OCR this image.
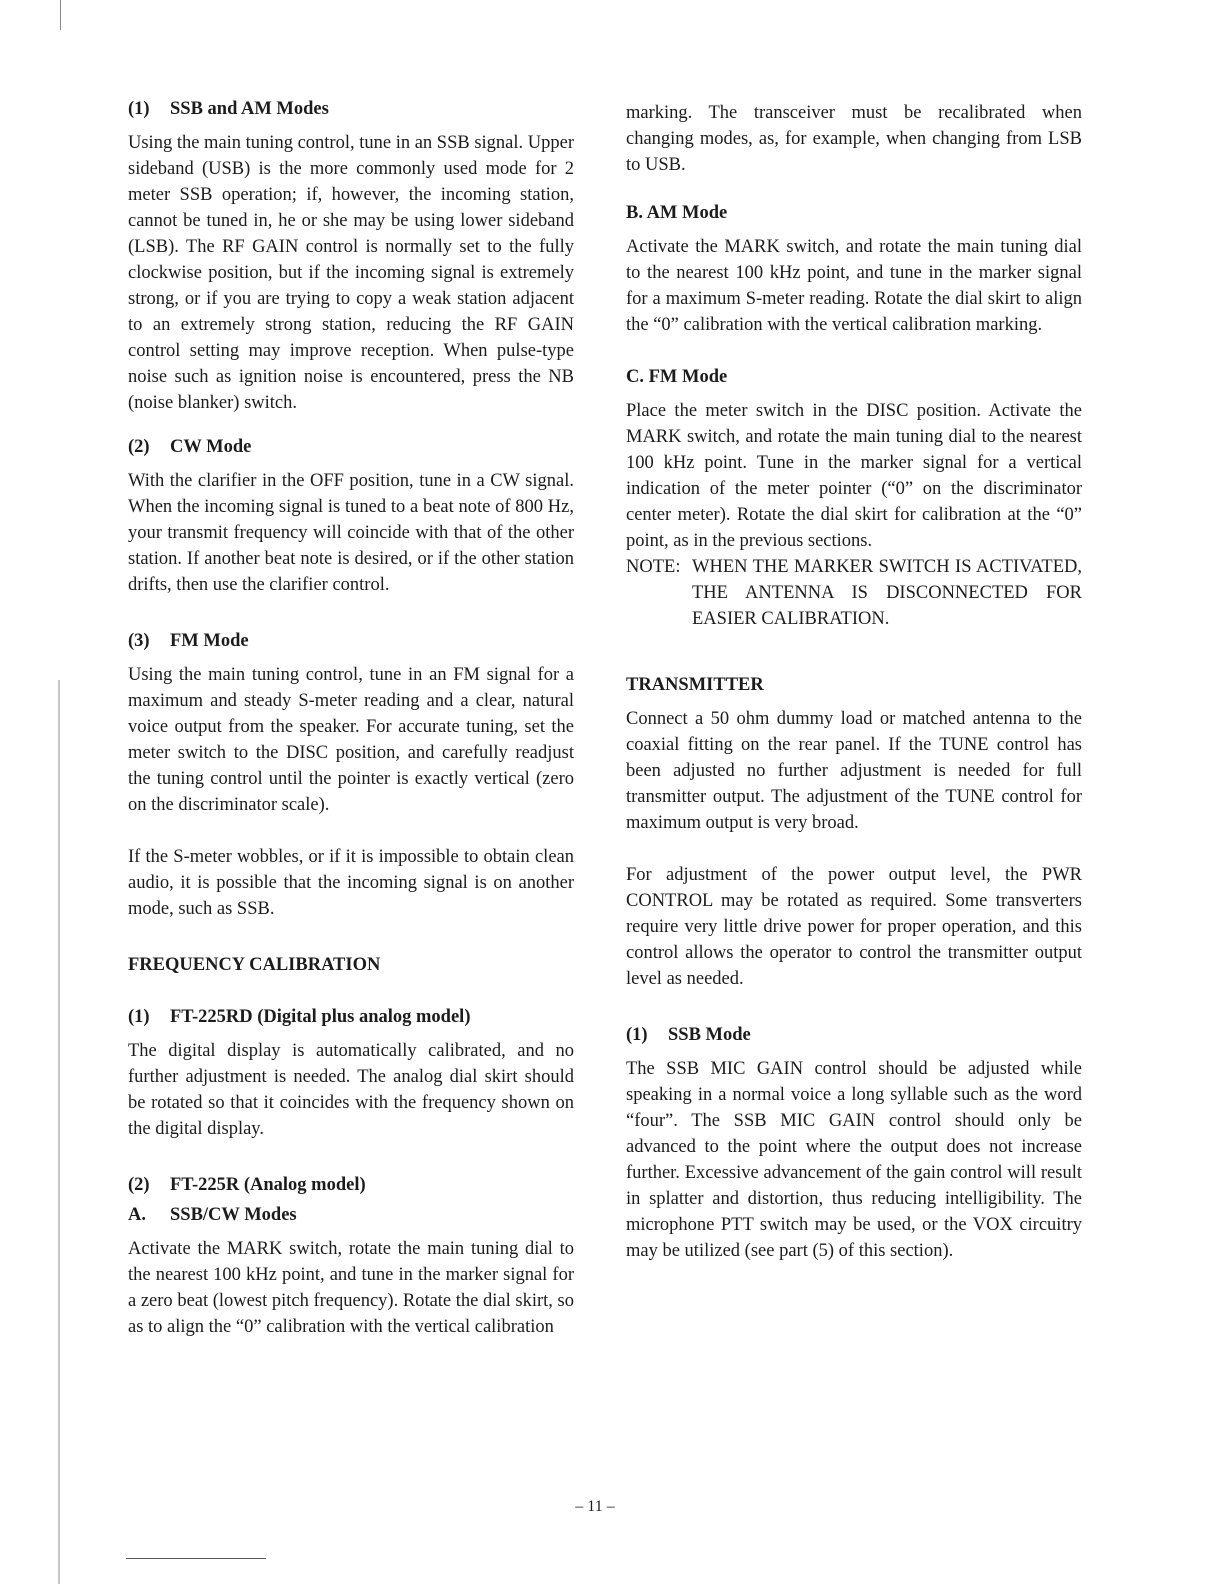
(1) SSB and AM Modes

Using the main tuning control, tune in an SSB signal. Upper sideband (USB) is the more commonly used mode for 2 meter SSB operation; if, however, the incoming station, cannot be tuned in, he or she may be using lower sideband (LSB). The RF GAIN control is normally set to the fully clockwise position, but if the incoming signal is extremely strong, or if you are trying to copy a weak station adjacent to an extremely strong station, reducing the RF GAIN control setting may improve reception. When pulse-type noise such as ignition noise is encountered, press the NB (noise blanker) switch.

(2) CW Mode

With the clarifier in the OFF position, tune in a CW signal. When the incoming signal is tuned to a beat note of 800 Hz, your transmit frequency will coincide with that of the other station. If another beat note is desired, or if the other station drifts, then use the clarifier control.

(3) FM Mode

Using the main tuning control, tune in an FM signal for a maximum and steady S-meter reading and a clear, natural voice output from the speaker. For accurate tuning, set the meter switch to the DISC position, and carefully readjust the tuning control until the pointer is exactly vertical (zero on the discriminator scale).

If the S-meter wobbles, or if it is impossible to obtain clean audio, it is possible that the incoming signal is on another mode, such as SSB.

FREQUENCY CALIBRATION
(1) FT-225RD (Digital plus analog model)

The digital display is automatically calibrated, and no further adjustment is needed. The analog dial skirt should be rotated so that it coincides with the frequency shown on the digital display.

(2) FT-225R (Analog model)
A. SSB/CW Modes

Activate the MARK switch, rotate the main tuning dial to the nearest 100 kHz point, and tune in the marker signal for a zero beat (lowest pitch frequency). Rotate the dial skirt, so as to align the “0” calibration with the vertical calibration

marking. The transceiver must be recalibrated when changing modes, as, for example, when changing from LSB to USB.

B. AM Mode

Activate the MARK switch, and rotate the main tuning dial to the nearest 100 kHz point, and tune in the marker signal for a maximum S-meter reading. Rotate the dial skirt to align the “0” calibration with the vertical calibration marking.

C. FM Mode

Place the meter switch in the DISC position. Activate the MARK switch, and rotate the main tuning dial to the nearest 100 kHz point. Tune in the marker signal for a vertical indication of the meter pointer (“0” on the discriminator center meter). Rotate the dial skirt for calibration at the “0” point, as in the previous sections.

NOTE: WHEN THE MARKER SWITCH IS ACTIVATED, THE ANTENNA IS DISCONNECTED FOR EASIER CALIBRATION.
TRANSMITTER

Connect a 50 ohm dummy load or matched antenna to the coaxial fitting on the rear panel. If the TUNE control has been adjusted no further adjustment is needed for full transmitter output. The adjustment of the TUNE control for maximum output is very broad.

For adjustment of the power output level, the PWR CONTROL may be rotated as required. Some transverters require very little drive power for proper operation, and this control allows the operator to control the transmitter output level as needed.

(1) SSB Mode

The SSB MIC GAIN control should be adjusted while speaking in a normal voice a long syllable such as the word “four”. The SSB MIC GAIN control should only be advanced to the point where the output does not increase further. Excessive advancement of the gain control will result in splatter and distortion, thus reducing intelligibility. The microphone PTT switch may be used, or the VOX circuitry may be utilized (see part (5) of this section).

– 11 –
